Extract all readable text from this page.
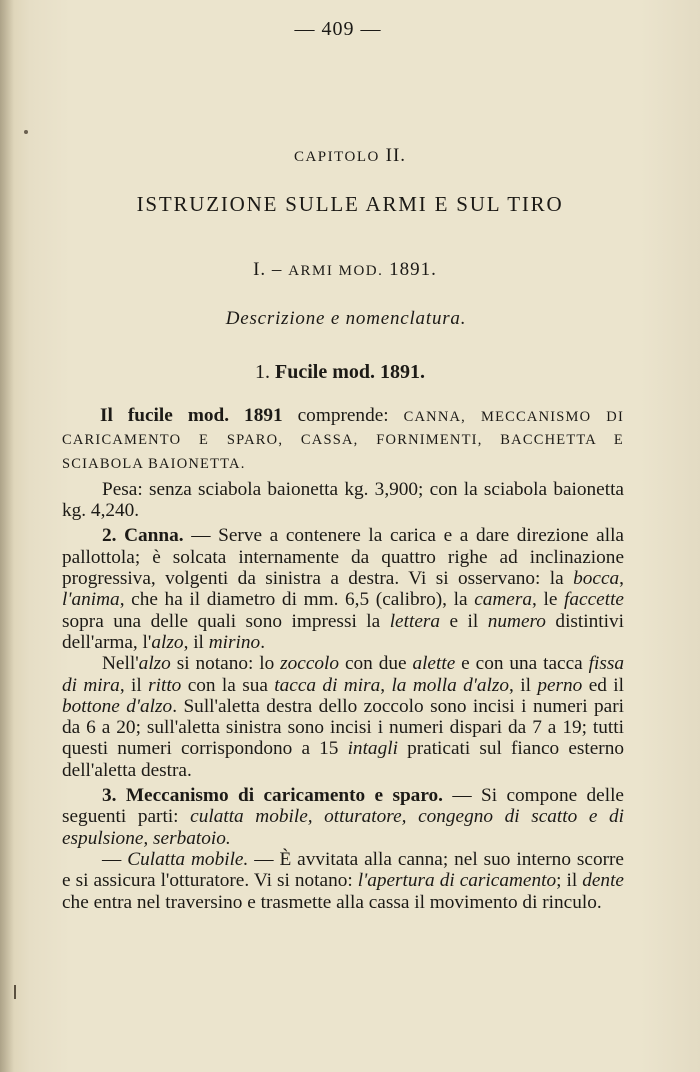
— 409 —
CAPITOLO II.
ISTRUZIONE SULLE ARMI E SUL TIRO
I. – ARMI MOD. 1891.
Descrizione e nomenclatura.
1. Fucile mod. 1891.

Il fucile mod. 1891 comprende: CANNA, MECCANISMO DI CARICAMENTO E SPARO, CASSA, FORNIMENTI, BACCHETTA E SCIABOLA BAIONETTA.

Pesa: senza sciabola baionetta kg. 3,900; con la sciabola baionetta kg. 4,240.

2. Canna. — Serve a contenere la carica e a dare direzione alla pallottola; è solcata internamente da quattro righe ad inclinazione progressiva, volgenti da sinistra a destra. Vi si osservano: la bocca, l'anima, che ha il diametro di mm. 6,5 (calibro), la camera, le faccette sopra una delle quali sono impressi la lettera e il numero distintivi dell'arma, l'alzo, il mirino.

Nell'alzo si notano: lo zoccolo con due alette e con una tacca fissa di mira, il ritto con la sua tacca di mira, la molla d'alzo, il perno ed il bottone d'alzo. Sull'aletta destra dello zoccolo sono incisi i numeri pari da 6 a 20; sull'aletta sinistra sono incisi i numeri dispari da 7 a 19; tutti questi numeri corrispondono a 15 intagli praticati sul fianco esterno dell'aletta destra.

3. Meccanismo di caricamento e sparo. — Si compone delle seguenti parti: culatta mobile, otturatore, congegno di scatto e di espulsione, serbatoio.

— Culatta mobile. — È avvitata alla canna; nel suo interno scorre e si assicura l'otturatore. Vi si notano: l'apertura di caricamento; il dente che entra nel traversino e trasmette alla cassa il movimento di rinculo.
